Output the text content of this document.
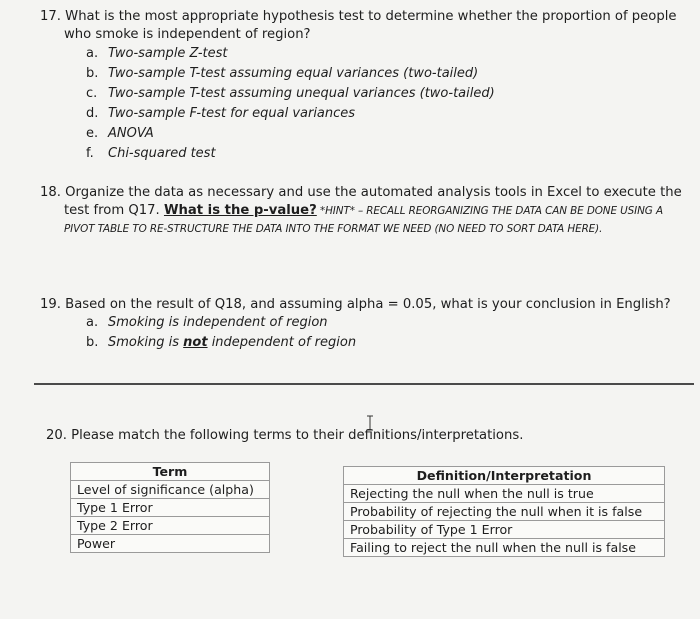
17. What is the most appropriate hypothesis test to determine whether the proportion of people
who smoke is independent of region?
a. Two-sample Z-test
b. Two-sample T-test assuming equal variances (two-tailed)
c. Two-sample T-test assuming unequal variances (two-tailed)
d. Two-sample F-test for equal variances
e. ANOVA
f. Chi-squared test
18. Organize the data as necessary and use the automated analysis tools in Excel to execute the
test from Q17. What is the p-value? *HINT* – RECALL REORGANIZING THE DATA CAN BE DONE USING A
PIVOT TABLE TO RE-STRUCTURE THE DATA INTO THE FORMAT WE NEED (NO NEED TO SORT DATA HERE).
19. Based on the result of Q18, and assuming alpha = 0.05, what is your conclusion in English?
a. Smoking is independent of region
b. Smoking is not independent of region
20. Please match the following terms to their definitions/interpretations.
Term
Level of significance (alpha)
Type 1 Error
Type 2 Error
Power
Definition/Interpretation
Rejecting the null when the null is true
Probability of rejecting the null when it is false
Probability of Type 1 Error
Failing to reject the null when the null is false
